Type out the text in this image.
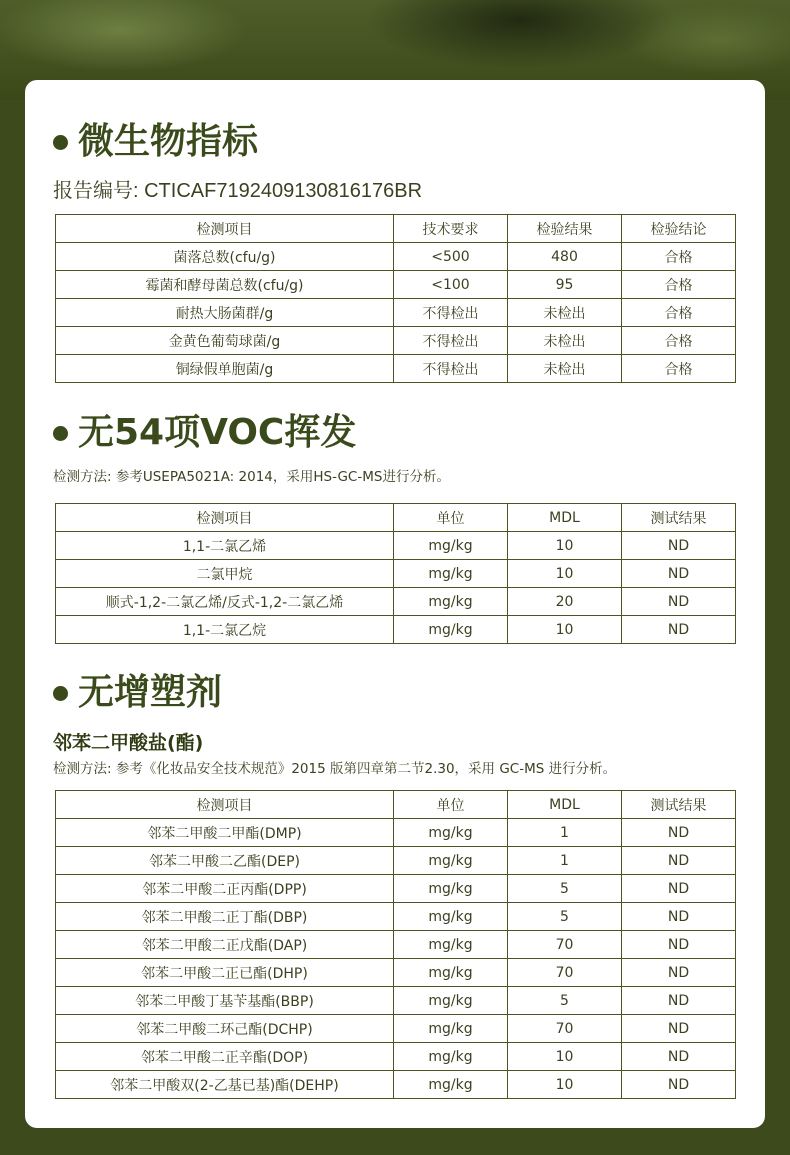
微生物指标
报告编号: CTICAF7192409130816176BR
检测项目	技术要求	检验结果	检验结论
菌落总数(cfu/g)	<500	480	合格
霉菌和酵母菌总数(cfu/g)	<100	95	合格
耐热大肠菌群/g	不得检出	未检出	合格
金黄色葡萄球菌/g	不得检出	未检出	合格
铜绿假单胞菌/g	不得检出	未检出	合格
无54项VOC挥发
检测方法: 参考USEPA5021A: 2014，采用HS-GC-MS进行分析。
检测项目	单位	MDL	测试结果
1,1-二氯乙烯	mg/kg	10	ND
二氯甲烷	mg/kg	10	ND
顺式-1,2-二氯乙烯/反式-1,2-二氯乙烯	mg/kg	20	ND
1,1-二氯乙烷	mg/kg	10	ND
无增塑剂
邻苯二甲酸盐(酯)
检测方法: 参考《化妆品安全技术规范》2015 版第四章第二节2.30，采用 GC-MS 进行分析。
检测项目	单位	MDL	测试结果
邻苯二甲酸二甲酯(DMP)	mg/kg	1	ND
邻苯二甲酸二乙酯(DEP)	mg/kg	1	ND
邻苯二甲酸二正丙酯(DPP)	mg/kg	5	ND
邻苯二甲酸二正丁酯(DBP)	mg/kg	5	ND
邻苯二甲酸二正戊酯(DAP)	mg/kg	70	ND
邻苯二甲酸二正已酯(DHP)	mg/kg	70	ND
邻苯二甲酸丁基苄基酯(BBP)	mg/kg	5	ND
邻苯二甲酸二环己酯(DCHP)	mg/kg	70	ND
邻苯二甲酸二正辛酯(DOP)	mg/kg	10	ND
邻苯二甲酸双(2-乙基已基)酯(DEHP)	mg/kg	10	ND
